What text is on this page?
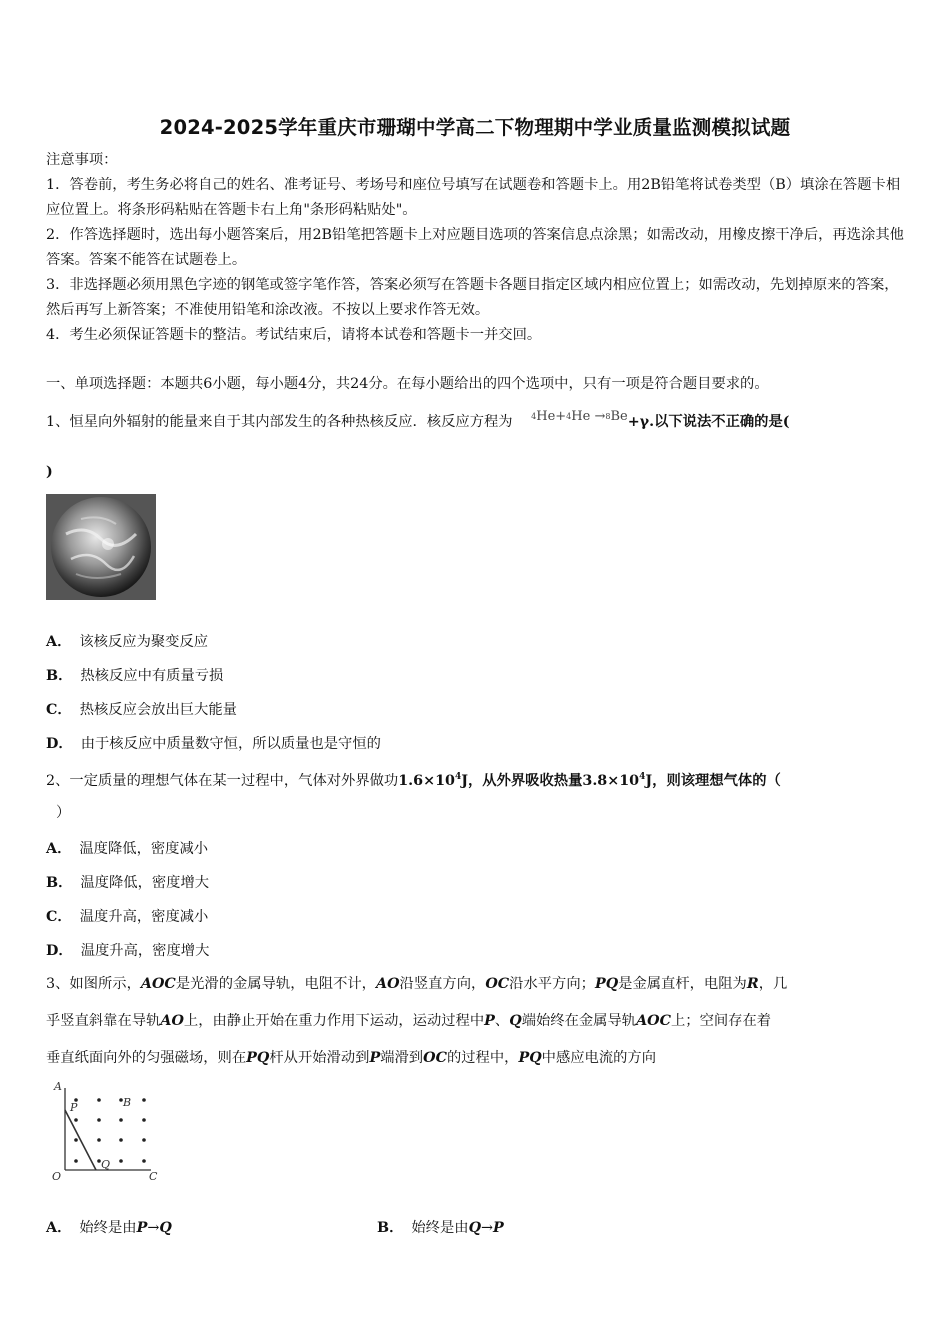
2024-2025学年重庆市珊瑚中学高二下物理期中学业质量监测模拟试题
注意事项：
1．答卷前，考生务必将自己的姓名、准考证号、考场号和座位号填写在试题卷和答题卡上。用2B铅笔将试卷类型（B）填涂在答题卡相应位置上。将条形码粘贴在答题卡右上角"条形码粘贴处"。
2．作答选择题时，选出每小题答案后，用2B铅笔把答题卡上对应题目选项的答案信息点涂黑；如需改动，用橡皮擦干净后，再选涂其他答案。答案不能答在试题卷上。
3．非选择题必须用黑色字迹的钢笔或签字笔作答，答案必须写在答题卡各题目指定区域内相应位置上；如需改动，先划掉原来的答案，然后再写上新答案；不准使用铅笔和涂改液。不按以上要求作答无效。
4．考生必须保证答题卡的整洁。考试结束后，请将本试卷和答题卡一并交回。
一、单项选择题：本题共6小题，每小题4分，共24分。在每小题给出的四个选项中，只有一项是符合题目要求的。
1、恒星向外辐射的能量来自于其内部发生的各种热核反应．核反应方程为 $^4$He+$^4$He →$^8$Be+γ.以下说法不正确的是(
)
A． 该核反应为聚变反应
B． 热核反应中有质量亏损
C． 热核反应会放出巨大能量
D． 由于核反应中质量数守恒，所以质量也是守恒的
2、一定质量的理想气体在某一过程中，气体对外界做功$1.6\times 10^4J$，从外界吸收热量$3.8\times 10^4J$，则该理想气体的（
）
A． 温度降低，密度减小
B． 温度降低，密度增大
C． 温度升高，密度减小
D． 温度升高，密度增大
3、如图所示，AOC是光滑的金属导轨，电阻不计，AO沿竖直方向，OC沿水平方向；PQ是金属直杆，电阻为R，几
乎竖直斜靠在导轨AO上，由静止开始在重力作用下运动，运动过程中P、Q端始终在金属导轨AOC上；空间存在着
垂直纸面向外的匀强磁场，则在PQ杆从开始滑动到P端滑到OC的过程中，PQ中感应电流的方向
A
B
P
Q
O	C
A． 始终是由P→Q	B． 始终是由Q→P
